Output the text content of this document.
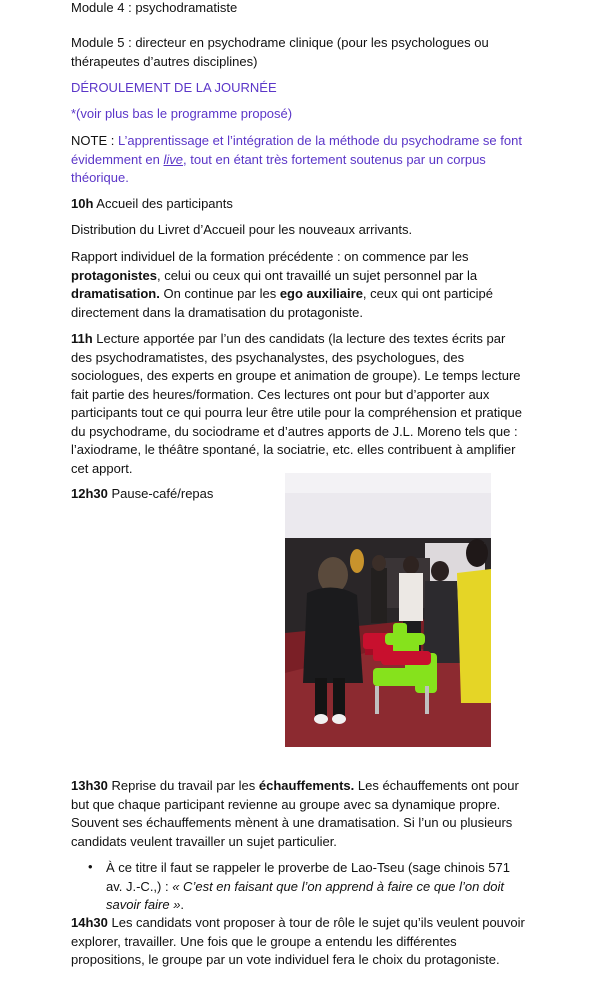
Module 4 : psychodramatiste

Module 5 : directeur en psychodrame clinique (pour les psychologues ou thérapeutes d’autres disciplines)

DÉROULEMENT DE LA JOURNÉE

*(voir plus bas le programme proposé)

NOTE : L’apprentissage et l’intégration de la méthode du psychodrame se font évidemment en live, tout en étant très fortement soutenus par un corpus théorique.

10h Accueil des participants

Distribution du Livret d’Accueil pour les nouveaux arrivants.

Rapport individuel de la formation précédente : on commence par les protagonistes, celui ou ceux qui ont travaillé un sujet personnel par la dramatisation. On continue par les ego auxiliaire, ceux qui ont participé directement dans la dramatisation du protagoniste.

11h Lecture apportée par l’un des candidats (la lecture des textes écrits par des psychodramatistes, des psychanalystes, des psychologues, des sociologues, des experts en groupe et animation de groupe). Le temps lecture fait partie des heures/formation. Ces lectures ont pour but d’apporter aux participants tout ce qui pourra leur être utile pour la compréhension et pratique du psychodrame, du sociodrame et d’autres apports de J.L. Moreno tels que : l’axiodrame, le théâtre spontané, la sociatrie, etc. elles contribuent à amplifier cet apport.

12h30 Pause-café/repas

13h30 Reprise du travail par les échauffements. Les échauffements ont pour but que chaque participant revienne au groupe avec sa dynamique propre. Souvent ses échauffements mènent à une dramatisation. Si l’un ou plusieurs candidats veulent travailler un sujet particulier.

• À ce titre il faut se rappeler le proverbe de Lao-Tseu (sage chinois 571 av. J.-C.,) : « C’est en faisant que l’on apprend à faire ce que l’on doit savoir faire ».

14h30 Les candidats vont proposer à tour de rôle le sujet qu’ils veulent pouvoir explorer, travailler. Une fois que le groupe a entendu les différentes propositions, le groupe par un vote individuel fera le choix du protagoniste.
